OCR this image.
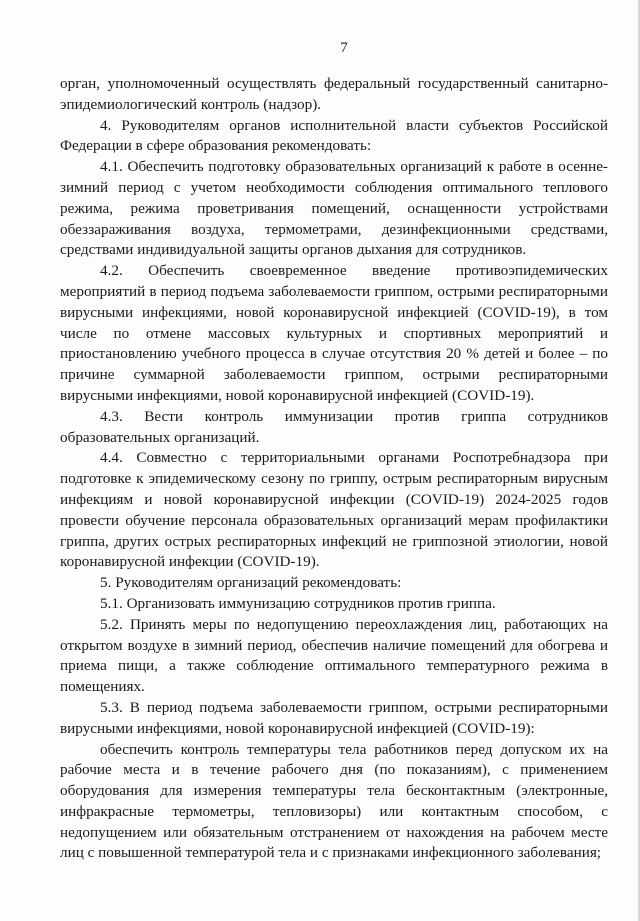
7

орган, уполномоченный осуществлять федеральный государственный санитарно-эпидемиологический контроль (надзор).

4. Руководителям органов исполнительной власти субъектов Российской Федерации в сфере образования рекомендовать:

4.1. Обеспечить подготовку образовательных организаций к работе в осенне-зимний период с учетом необходимости соблюдения оптимального теплового режима, режима проветривания помещений, оснащенности устройствами обеззараживания воздуха, термометрами, дезинфекционными средствами, средствами индивидуальной защиты органов дыхания для сотрудников.

4.2. Обеспечить своевременное введение противоэпидемических мероприятий в период подъема заболеваемости гриппом, острыми респираторными вирусными инфекциями, новой коронавирусной инфекцией (COVID-19), в том числе по отмене массовых культурных и спортивных мероприятий и приостановлению учебного процесса в случае отсутствия 20 % детей и более – по причине суммарной заболеваемости гриппом, острыми респираторными вирусными инфекциями, новой коронавирусной инфекцией (COVID-19).

4.3. Вести контроль иммунизации против гриппа сотрудников образовательных организаций.

4.4. Совместно с территориальными органами Роспотребнадзора при подготовке к эпидемическому сезону по гриппу, острым респираторным вирусным инфекциям и новой коронавирусной инфекции (COVID-19) 2024-2025 годов провести обучение персонала образовательных организаций мерам профилактики гриппа, других острых респираторных инфекций не гриппозной этиологии, новой коронавирусной инфекции (COVID-19).

5. Руководителям организаций рекомендовать:

5.1. Организовать иммунизацию сотрудников против гриппа.

5.2. Принять меры по недопущению переохлаждения лиц, работающих на открытом воздухе в зимний период, обеспечив наличие помещений для обогрева и приема пищи, а также соблюдение оптимального температурного режима в помещениях.

5.3. В период подъема заболеваемости гриппом, острыми респираторными вирусными инфекциями, новой коронавирусной инфекцией (COVID-19):

обеспечить контроль температуры тела работников перед допуском их на рабочие места и в течение рабочего дня (по показаниям), с применением оборудования для измерения температуры тела бесконтактным (электронные, инфракрасные термометры, тепловизоры) или контактным способом, с недопущением или обязательным отстранением от нахождения на рабочем месте лиц с повышенной температурой тела и с признаками инфекционного заболевания;
